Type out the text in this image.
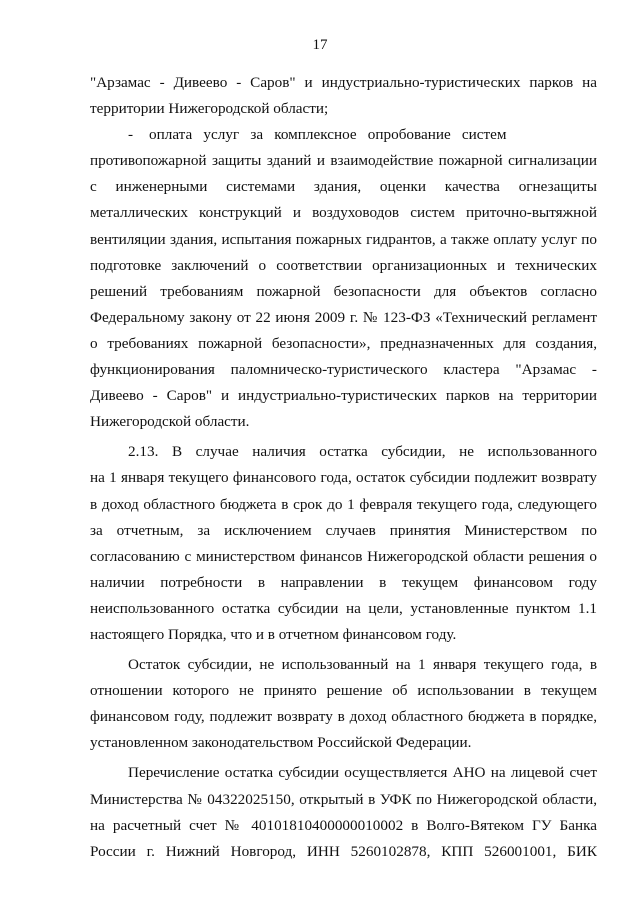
17
"Арзамас - Дивеево - Саров" и индустриально-туристических парков на
территории Нижегородской области;
-          оплата       услуг       за       комплексное       опробование       систем
противопожарной защиты зданий и взаимодействие пожарной сигнализации
с инженерными системами здания, оценки качества огнезащиты
металлических конструкций и воздуховодов систем приточно-вытяжной
вентиляции здания, испытания пожарных гидрантов, а также оплату услуг по
подготовке заключений о соответствии организационных и технических
решений требованиям пожарной безопасности для объектов согласно
Федеральному закону от 22 июня 2009 г. № 123-ФЗ «Технический регламент
о требованиях пожарной безопасности», предназначенных для создания,
функционирования паломническо-туристического кластера "Арзамас -
Дивеево - Саров" и индустриально-туристических парков на территории
Нижегородской области.
2.13. В случае наличия остатка субсидии, не использованного
на 1 января текущего финансового года, остаток субсидии подлежит возврату
в доход областного бюджета в срок до 1 февраля текущего года, следующего
за отчетным, за исключением случаев принятия Министерством по
согласованию с министерством финансов Нижегородской области решения о
наличии потребности в направлении в текущем финансовом году
неиспользованного остатка субсидии на цели, установленные пунктом 1.1
настоящего Порядка, что и в отчетном финансовом году.
Остаток субсидии, не использованный на 1 января текущего года, в
отношении которого не принято решение об использовании в текущем
финансовом году, подлежит возврату в доход областного бюджета в порядке,
установленном законодательством Российской Федерации.
Перечисление остатка субсидии осуществляется АНО на лицевой счет
Министерства № 04322025150, открытый в УФК по Нижегородской области,
на расчетный счет № 40101810400000010002 в Волго-Вятеком ГУ Банка
России г. Нижний Новгород, ИНН 5260102878, КПП 526001001, БИК
